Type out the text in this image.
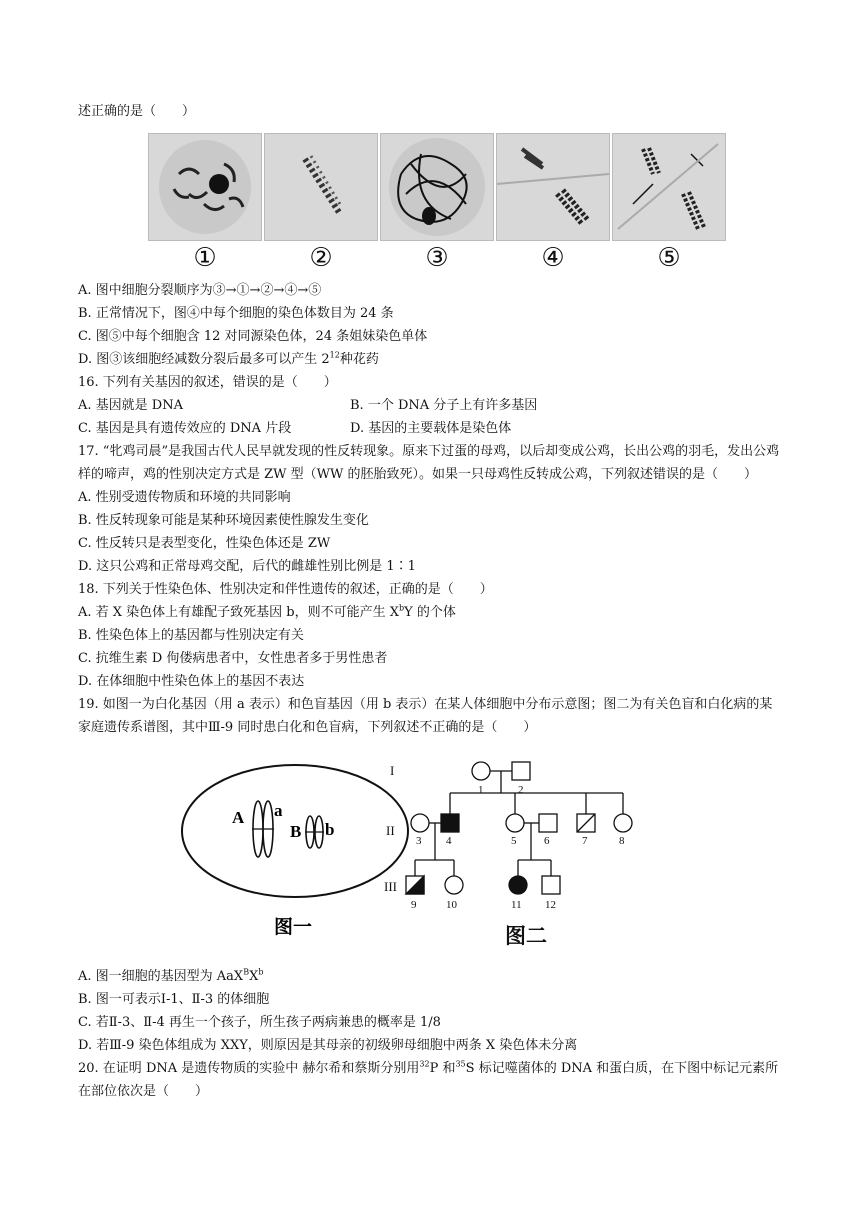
述正确的是（　　）
①	②	③	④	⑤
A. 图中细胞分裂顺序为③→①→②→④→⑤
B. 正常情况下，图④中每个细胞的染色体数目为 24 条
C. 图⑤中每个细胞含 12 对同源染色体，24 条姐妹染色单体
D. 图③该细胞经减数分裂后最多可以产生 $2^{12}$种花药
16. 下列有关基因的叙述，错误的是（　　）
A. 基因就是 DNA	B. 一个 DNA 分子上有许多基因
C. 基因是具有遗传效应的 DNA 片段	D. 基因的主要载体是染色体
17. “牝鸡司晨”是我国古代人民早就发现的性反转现象。原来下过蛋的母鸡，以后却变成公鸡，长出公鸡的羽毛，发出公鸡样的啼声，鸡的性别决定方式是 ZW 型（WW 的胚胎致死）。如果一只母鸡性反转成公鸡，下列叙述错误的是（　　）
A. 性别受遗传物质和环境的共同影响
B. 性反转现象可能是某种环境因素使性腺发生变化
C. 性反转只是表型变化，性染色体还是 ZW
D. 这只公鸡和正常母鸡交配，后代的雌雄性别比例是 1∶1
18. 下列关于性染色体、性别决定和伴性遗传的叙述，正确的是（　　）
A. 若 X 染色体上有雄配子致死基因 b，则不可能产生 $X^bY$ 的个体
B. 性染色体上的基因都与性别决定有关
C. 抗维生素 D 佝偻病患者中，女性患者多于男性患者
D. 在体细胞中性染色体上的基因不表达
19. 如图一为白化基因（用 a 表示）和色盲基因（用 b 表示）在某人体细胞中分布示意图；图二为有关色盲和白化病的某家庭遗传系谱图，其中Ⅲ-9 同时患白化和色盲病，下列叙述不正确的是（　　）
A a
B b
图一
I
II
III
1	2
3 4	5	6	7	8
9	10	11 12
图二
A. 图一细胞的基因型为 $AaX^BX^b$
B. 图一可表示Ⅰ-1、Ⅱ-3 的体细胞
C. 若Ⅱ-3、Ⅱ-4 再生一个孩子，所生孩子两病兼患的概率是 1/8
D. 若Ⅲ-9 染色体组成为 XXY，则原因是其母亲的初级卵母细胞中两条 X 染色体未分离
20. 在证明 DNA 是遗传物质的实验中 赫尔希和蔡斯分别用$^{32}$P 和$^{35}$S 标记噬菌体的 DNA 和蛋白质，在下图中标记元素所在部位依次是（　　）
